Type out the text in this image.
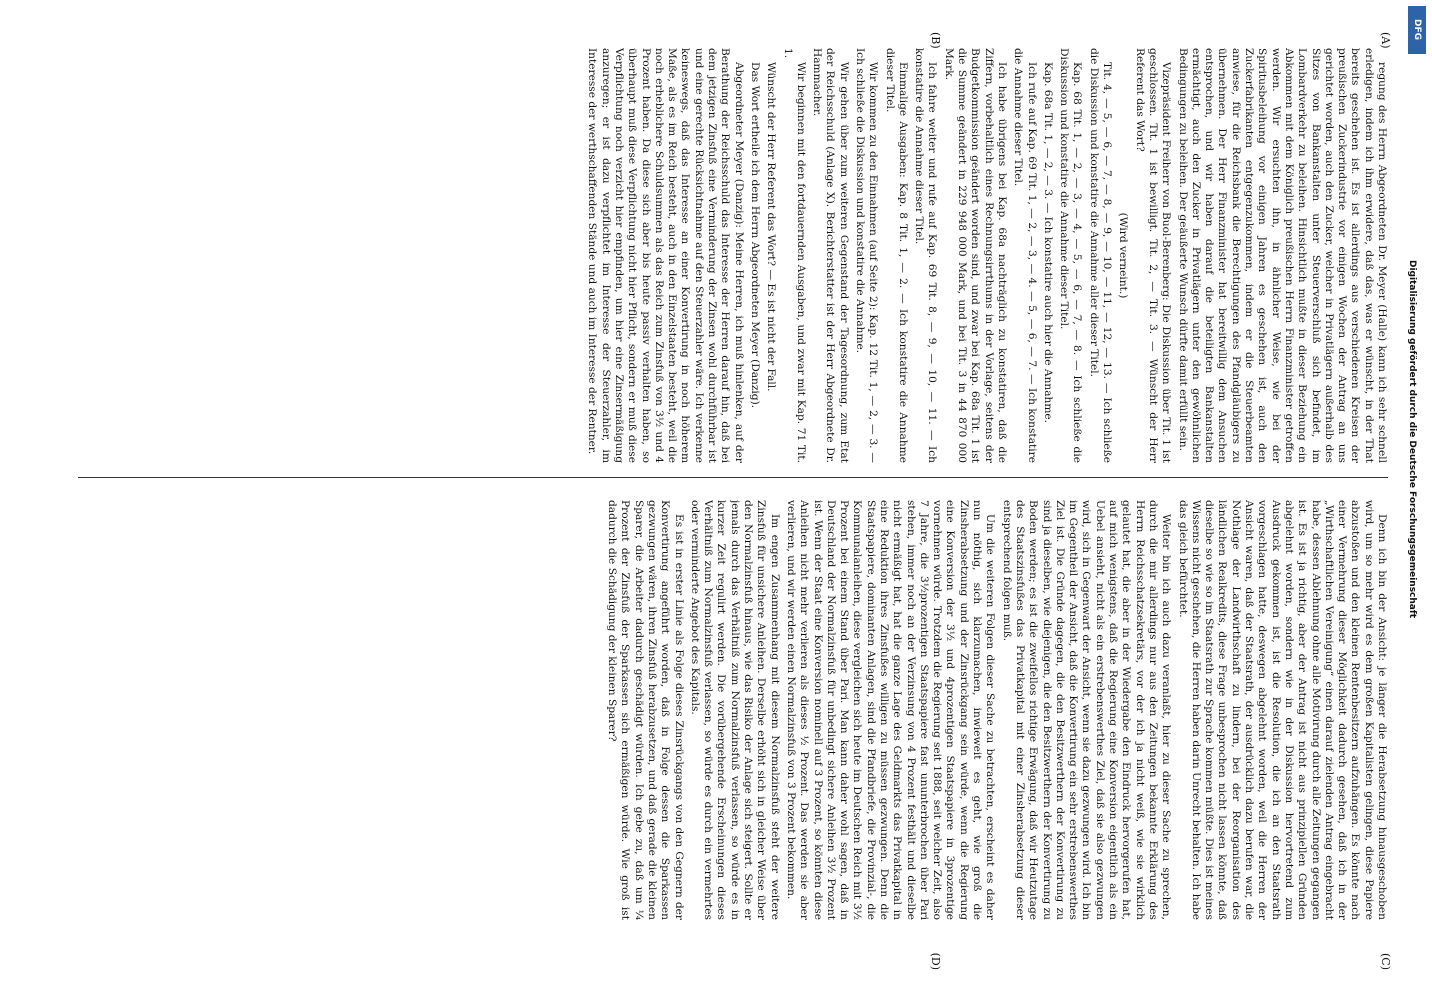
(A)
(B)
(C)
(D)

regung des Herrn Abgeordneten Dr. Meyer (Halle) kann ich sehr schnell erledigen, indem ich ihm erwidere, daß das, was er wünscht, in der That bereits geschehen ist. Es ist allerdings aus verschiedenen Kreisen der preußischen Zuckerindustrie vor einigen Wochen der Antrag an uns gerichtet worden, auch den Zucker, welcher in Privatlägern außerhalb des Sitzes von Bankanstalten unter Steuerverschluß sich befindet, im Lombardverkehr zu beleihen. Hinsichtlich mußte in dieser Beziehung ein Abkommen mit dem Königlich preußischen Herrn Finanzminister getroffen werden. Wir ersuchten ihn, in ähnlicher Weise, wie bei der Spiritusbeleihung vor einigen Jahren es geschehen ist, auch den Zuckerfabrikanten entgegenzukommen, indem er die Steuerbeamten anwiese, für die Reichsbank die Berechtigungen des Pfandgläubigers zu übernehmen. Der Herr Finanzminister hat bereitwillig dem Ansuchen entsprochen, und wir haben darauf die beteiligten Bankanstalten ermächtigt, auch den Zucker in Privatlägern unter den gewöhnlichen Bedingungen zu beleihen. Der geäußerte Wunsch dürfte damit erfüllt sein.

Vizepräsident Freiherr von Buol-Berenberg: Die Diskussion über Tit. 1 ist geschlossen. Tit. 1 ist bewilligt. Tit. 2, — Tit. 3. — Wünscht der Herr Referent das Wort?

(Wird verneint.)

Tit. 4, — 5, — 6, — 7, — 8, — 9, — 10, — 11, — 12, — 13. — Ich schließe die Diskussion und konstatire die Annahme aller dieser Titel.

Kap. 68 Tit. 1, — 2, — 3, — 4, — 5, — 6, — 7, — 8. — Ich schließe die Diskussion und konstatire die Annahme dieser Titel.

Kap. 68a Tit. 1, — 2, — 3. — Ich konstatire auch hier die Annahme.

Ich rufe auf Kap. 69 Tit. 1, — 2, — 3, — 4. — 5, — 6, — 7. — Ich konstatire die Annahme dieser Titel.

Ich habe übrigens bei Kap. 68a nachträglich zu konstatiren, daß die Ziffern, vorbehaltlich eines Rechnungsirrthums in der Vorlage, seitens der Budgetkommission geändert worden sind, und zwar bei Kap. 68a Tit. 1 ist die Summe geändert in 229 948 000 Mark, und bei Tit. 3 in 44 870 000 Mark.

Ich fahre weiter und rufe auf Kap. 69 Tit. 8, — 9, — 10, — 11. — Ich konstatire die Annahme dieser Titel.

Einmalige Ausgaben: Kap. 8 Tit. 1, — 2. — Ich konstatire die Annahme dieser Titel.

Wir kommen zu den Einnahmen (auf Seite 2): Kap. 12 Tit. 1, — 2, — 3. — Ich schließe die Diskussion und konstatire die Annahme.

Wir gehen über zum weiteren Gegenstand der Tagesordnung, zum Etat der Reichsschuld (Anlage X). Berichterstatter ist der Herr Abgeordnete Dr. Hammacher.

Wir beginnen mit den fortdauernden Ausgaben, und zwar mit Kap. 71 Tit. 1.

Wünscht der Herr Referent das Wort? — Es ist nicht der Fall.

Das Wort ertheile ich dem Herrn Abgeordneten Meyer (Danzig).

Abgeordneter Meyer (Danzig): Meine Herren, ich muß hinlenken, auf der Berathung der Reichsschuld das Interesse der Herren darauf hin, daß bei dem jetzigen Zinsfuß eine Verminderung der Zinsen wohl durchführbar ist und eine gerechte Rücksichtnahme auf den Steuerzahler wäre. Ich verkenne keineswegs, daß das Interesse an einer Konvertirung in noch höherem Maße, als es im Reich besteht, auch in den Einzelstaaten besteht, weil die noch erheblichere Schuldsummen als das Reich zum Zinsfuß von 3½ und 4 Prozent haben. Da diese sich aber bis heute passiv verhalten haben, so überhaupt muß diese Verpflichtung nicht hier Pflicht, sondern er muß diese Verpflichtung noch verzicht hier empfinden, um hier eine Zinsermäßigung anzuregen; er ist dazu verpflichtet im Interesse der Steuerzahler, im Interesse der werthschaffenden Stände und auch im Interesse der Rentner.

Denn ich bin der Ansicht: je länger die Herabsetzung hinausgeschoben wird, um so mehr wird es dem großen Kapitalisten gelingen, diese Papiere abzustoßen und den kleinen Rentenbesitzern aufzuhängen. Es könnte nach einer Vermehrung dieser Möglichkeit dadurch gesehen, daß ich in der „Wirthschaftlichen Vereinigung“ einen darauf zielenden Antrag eingebracht habe, dessen Ablehnung ohne alle Motivirung durch alle Zeitungen gegangen ist. Es ist ja richtig, aber der Antrag ist nicht aus prinzipiellen Gründen abgelehnt worden, sondern wie in der Diskussion hervortretend zum Ausdruck gekommen ist, ist die Resolution, die ich an den Staatsrath vorgeschlagen hatte, deswegen abgelehnt worden, weil die Herren der Ansicht waren, daß der Staatsrath, der ausdrücklich dazu berufen war, die Nothlage der Landwirthschaft zu lindern, bei der Reorganisation des ländlichen Realkredits, diese Frage unbesprochen nicht lassen könnte, daß dieselbe so wie so im Staatsrath zur Sprache kommen müßte. Dies ist meines Wissens nicht geschehen, die Herren haben darin Unrecht behalten. Ich habe das gleich befürchtet.

Weiter bin ich auch dazu veranlaßt, hier zu dieser Sache zu sprechen, durch die mir allerdings nur aus den Zeitungen bekannte Erklärung des Herrn Reichsschatzsekretärs, vor der ich ja nicht weiß, wie sie wirklich gelautet hat, die aber in der Wiedergabe den Eindruck hervorgerufen hat, auf mich wenigstens, daß die Regierung eine Konversion eigentlich als ein Uebel ansieht, nicht als ein erstrebenswerthes Ziel, daß sie also gezwungen wird, sich in Gegenwart der Ansicht, wenn sie dazu gezwungen wird. Ich bin im Gegentheil der Ansicht, daß die Konvertirung ein sehr erstrebenswerthes Ziel ist. Die Gründe dagegen, die den Besitzwerthern der Konvertirung zu sind ja dieselben, wie diejenigen, die den Besitzwerthern der Konvertirung zu Boden werden; es ist die zweifellos richtige Erwägung, daß wir Heutzutage des Staatszinsfußes das Privatkapital mit einer Zinsherabsetzung dieser entsprechend folgen muß.

Um die weiteren Folgen dieser Sache zu betrachten, erscheint es daher nun nöthig, sich klarzumachen, inwieweit es geht, wie groß die Zinsherabsetzung und der Zinsrückgang sein würde, wenn die Regierung eine Konversion der 3½ und 4prozentigen Staatspapiere in 3prozentige vornehmen würde. Trotzdem die Regierung seit 1888, seit welcher Zeit, also 7 Jahre, die 3½prozentigen Staatspapiere fast ununterbrochen über Pari stehen, immer noch an der Verzinsung von 4 Prozent festhält und dieselbe nicht ermäßigt hat, hat die ganze Lage des Geldmarkts das Privatkapital in eine Reduktion ihres Zinsfußes willigen zu müssen gezwungen. Denn die Staatspapiere, dominanten Anlagen, sind die Pfandbriefe, die Provinzial-, die Kommunalanleihen, diese vergleichen sich heute im Deutschen Reich mit 3½ Prozent bei einem Stand über Pari. Man kann daher wohl sagen, daß in Deutschland der Normalzinsfuß für unbedingt sichere Anleihen 3½ Prozent ist. Wenn der Staat eine Konversion nominell auf 3 Prozent, so könnten diese Anleihen nicht mehr verlieren als dieses ½ Prozent. Das werden sie aber verlieren, und wir werden einen Normalzinsfuß von 3 Prozent bekommen.

Im engen Zusammenhang mit diesem Normalzinsfuß steht der weitere Zinsfuß für unsichere Anleihen. Derselbe erhöht sich in gleicher Weise über den Normalzinsfuß hinaus, wie das Risiko der Anlage sich steigert. Sollte er jemals durch das Verhältniß zum Normalzinsfuß verlassen, so würde es in kurzer Zeit regulirt werden. Die vorübergehende Erscheinungen dieses Verhältniß zum Normalzinsfuß verlassen, so würde es durch ein vermehrtes oder verminderte Angebot des Kapitals.

Es ist in erster Linie als Folge dieses Zinsrückgangs von den Gegnern der Konvertirung angeführt worden, daß in Folge dessen die Sparkassen gezwungen wären, ihren Zinsfuß herabzusetzen, und daß gerade die kleinen Sparer, die Arbeiter dadurch geschädigt würden. Ich gebe zu, daß um ¼ Prozent der Zinsfuß der Sparkassen sich ermäßigen würde. Wie groß ist dadurch die Schädigung der kleinen Sparer?

DFG
Digitalisierung gefördert durch die Deutsche Forschungsgemeinschaft
